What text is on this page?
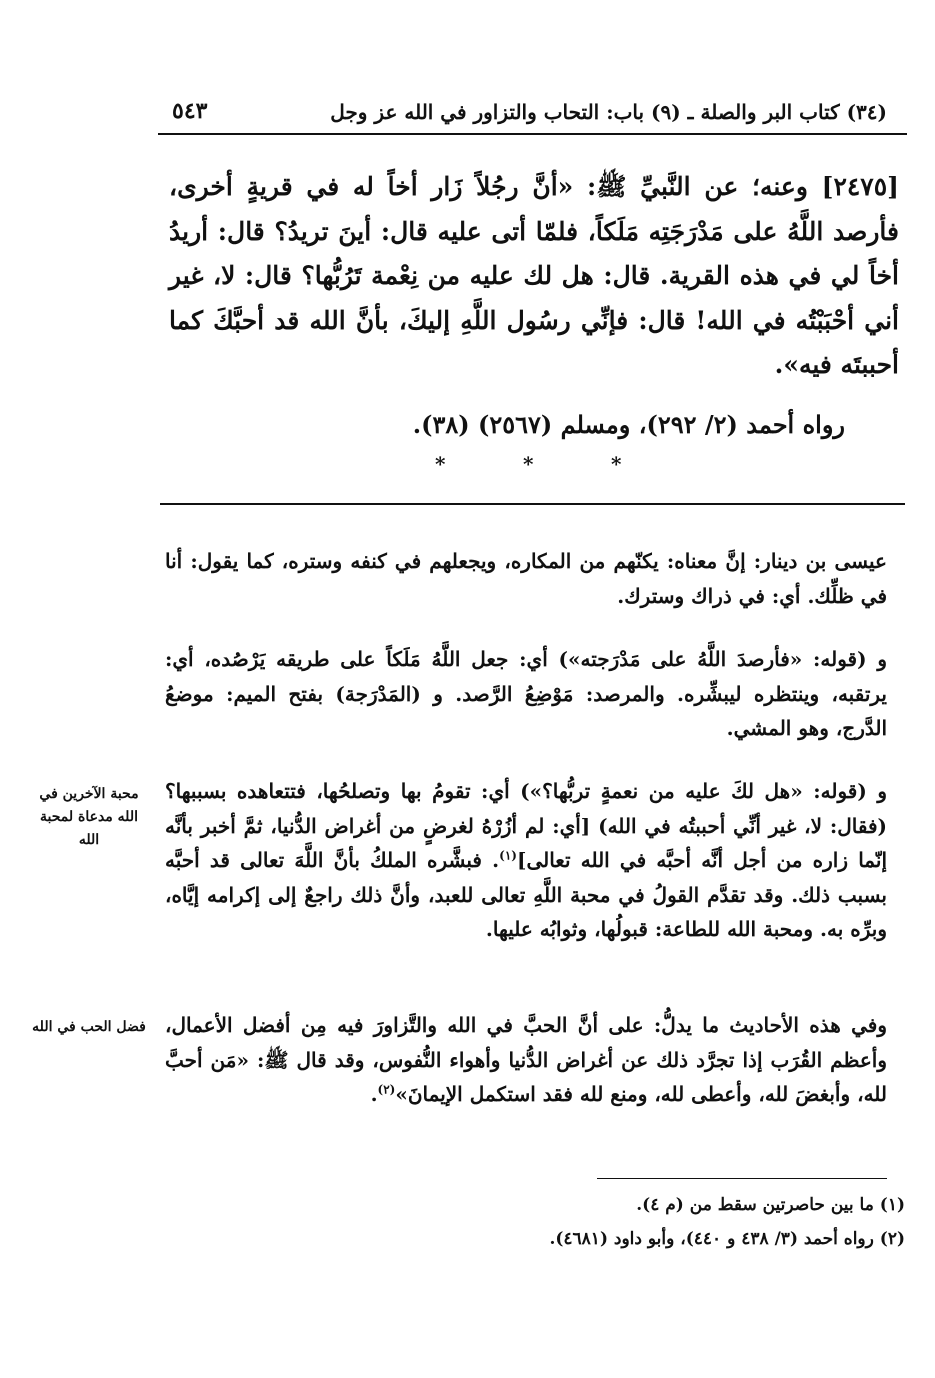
(٣٤) كتاب البر والصلة ـ (٩) باب: التحاب والتزاور في الله عز وجل
٥٤٣

[٢٤٧٥] وعنه؛ عن النَّبيِّ ﷺ: «أنَّ رجُلاً زَار أخاً له في قريةٍ أخرى، فأرصد اللَّهُ على مَدْرَجَتِه مَلَكاً، فلمّا أتى عليه قال: أينَ تريدُ؟ قال: أريدُ أخاً لي في هذه القرية. قال: هل لك عليه من نِعْمة تَرُبُّها؟ قال: لا، غير أني أحْبَبْتُه في الله! قال: فإنِّي رسُول اللَّهِ إليكَ، بأنَّ الله قد أحبَّكَ كما أحببتَه فيه».

رواه أحمد (٢/ ٢٩٢)، ومسلم (٢٥٦٧) (٣٨).
*	*	*

عيسى بن دينار: إنَّ معناه: يكنّهم من المكاره، ويجعلهم في كنفه وستره، كما يقول: أنا في ظلِّك. أي: في ذراك وسترك.

و (قوله: «فأرصدَ اللَّهُ على مَدْرَجته») أي: جعل اللَّهُ مَلَكاً على طريقه يَرْصُده، أي: يرتقبه، وينتظره ليبشِّره. والمرصد: مَوْضِعُ الرَّصد. و (المَدْرَجة) بفتح الميم: موضعُ الدَّرج، وهو المشي.

و (قوله: «هل لكَ عليه من نعمةٍ تربُّها؟») أي: تقومُ بها وتصلحُها، فتتعاهده بسببها؟ (فقال: لا، غير أنِّي أحببتُه في الله) [أي: لم أزُرْهُ لغرضٍ من أغراض الدُّنيا، ثمَّ أخبر بأنَّه إنّما زاره من أجل أنَّه أحبَّه في الله تعالى]$^{(١)}$. فبشَّره الملكُ بأنَّ اللَّهَ تعالى قد أحبَّه بسبب ذلك. وقد تقدَّم القولُ في محبة اللَّهِ تعالى للعبد، وأنَّ ذلك راجعٌ إلى إكرامه إيَّاه، وبرِّه به. ومحبة الله للطاعة: قبولُها، وثوابُه عليها.

وفي هذه الأحاديث ما يدلُّ: على أنَّ الحبَّ في الله والتَّزاورَ فيه مِن أفضل الأعمال، وأعظم القُرَب إذا تجرَّد ذلك عن أغراض الدُّنيا وأهواء النُّفوس، وقد قال ﷺ: «مَن أحبَّ لله، وأبغضَ لله، وأعطى لله، ومنع لله فقد استكمل الإيمانَ»$^{(٢)}$.

محبة الآخرين في الله مدعاة لمحبة الله
فضل الحب في الله

(١) ما بين حاصرتين سقط من (م ٤).

(٢) رواه أحمد (٣/ ٤٣٨ و ٤٤٠)، وأبو داود (٤٦٨١).
